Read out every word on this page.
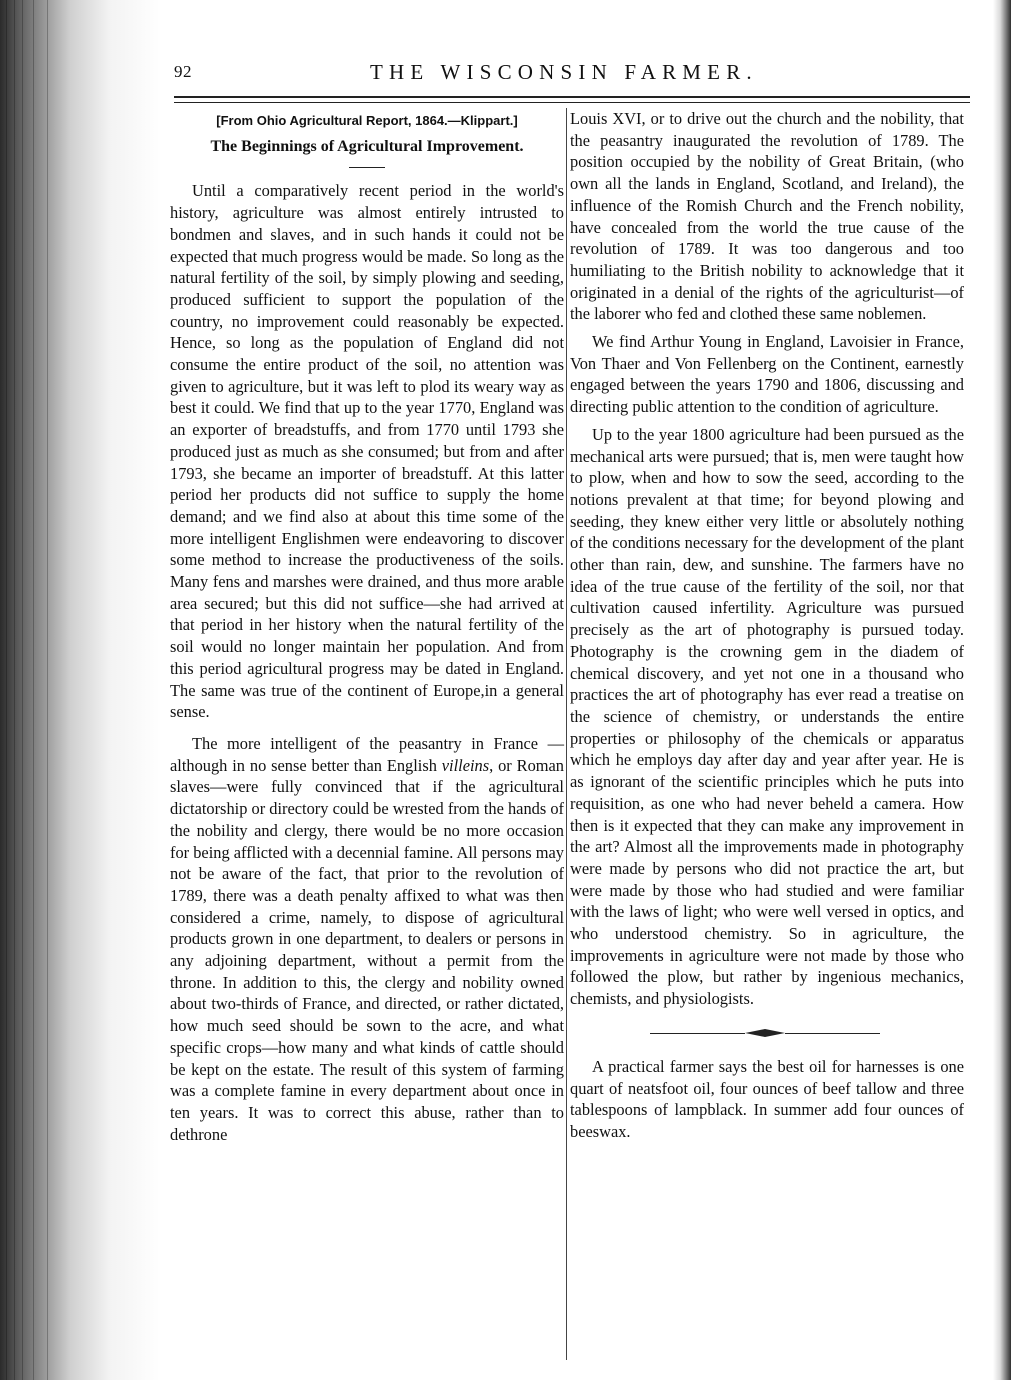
92	THE WISCONSIN FARMER.
[From Ohio Agricultural Report, 1864.—Klippart.]
The Beginnings of Agricultural Improvement.

Until a comparatively recent period in the world's history, agriculture was almost entirely intrusted to bondmen and slaves, and in such hands it could not be expected that much progress would be made. So long as the natural fertility of the soil, by simply plowing and seeding, produced sufficient to support the population of the country, no improvement could reasonably be expected. Hence, so long as the population of England did not consume the entire product of the soil, no attention was given to agriculture, but it was left to plod its weary way as best it could. We find that up to the year 1770, England was an exporter of breadstuffs, and from 1770 until 1793 she produced just as much as she consumed; but from and after 1793, she became an importer of breadstuff. At this latter period her products did not suffice to supply the home demand; and we find also at about this time some of the more intelligent Englishmen were endeavoring to discover some method to increase the productiveness of the soils. Many fens and marshes were drained, and thus more arable area secured; but this did not suffice—she had arrived at that period in her history when the natural fertility of the soil would no longer maintain her population. And from this period agricultural progress may be dated in England. The same was true of the continent of Europe,in a general sense.

The more intelligent of the peasantry in France —although in no sense better than English villeins, or Roman slaves—were fully convinced that if the agricultural dictatorship or directory could be wrested from the hands of the nobility and clergy, there would be no more occasion for being afflicted with a decennial famine. All persons may not be aware of the fact, that prior to the revolution of 1789, there was a death penalty affixed to what was then considered a crime, namely, to dispose of agricultural products grown in one department, to dealers or persons in any adjoining department, without a permit from the throne. In addition to this, the clergy and nobility owned about two-thirds of France, and directed, or rather dictated, how much seed should be sown to the acre, and what specific crops—how many and what kinds of cattle should be kept on the estate. The result of this system of farming was a complete famine in every department about once in ten years. It was to correct this abuse, rather than to dethrone

Louis XVI, or to drive out the church and the nobility, that the peasantry inaugurated the revolution of 1789. The position occupied by the nobility of Great Britain, (who own all the lands in England, Scotland, and Ireland), the influence of the Romish Church and the French nobility, have concealed from the world the true cause of the revolution of 1789. It was too dangerous and too humiliating to the British nobility to acknowledge that it originated in a denial of the rights of the agriculturist—of the laborer who fed and clothed these same noblemen.

We find Arthur Young in England, Lavoisier in France, Von Thaer and Von Fellenberg on the Continent, earnestly engaged between the years 1790 and 1806, discussing and directing public attention to the condition of agriculture.

Up to the year 1800 agriculture had been pursued as the mechanical arts were pursued; that is, men were taught how to plow, when and how to sow the seed, according to the notions prevalent at that time; for beyond plowing and seeding, they knew either very little or absolutely nothing of the conditions necessary for the development of the plant other than rain, dew, and sunshine. The farmers have no idea of the true cause of the fertility of the soil, nor that cultivation caused infertility. Agriculture was pursued precisely as the art of photography is pursued today. Photography is the crowning gem in the diadem of chemical discovery, and yet not one in a thousand who practices the art of photography has ever read a treatise on the science of chemistry, or understands the entire properties or philosophy of the chemicals or apparatus which he employs day after day and year after year. He is as ignorant of the scientific principles which he puts into requisition, as one who had never beheld a camera. How then is it expected that they can make any improvement in the art? Almost all the improvements made in photography were made by persons who did not practice the art, but were made by those who had studied and were familiar with the laws of light; who were well versed in optics, and who understood chemistry. So in agriculture, the improvements in agriculture were not made by those who followed the plow, but rather by ingenious mechanics, chemists, and physiologists.

A practical farmer says the best oil for harnesses is one quart of neatsfoot oil, four ounces of beef tallow and three tablespoons of lampblack. In summer add four ounces of beeswax.
